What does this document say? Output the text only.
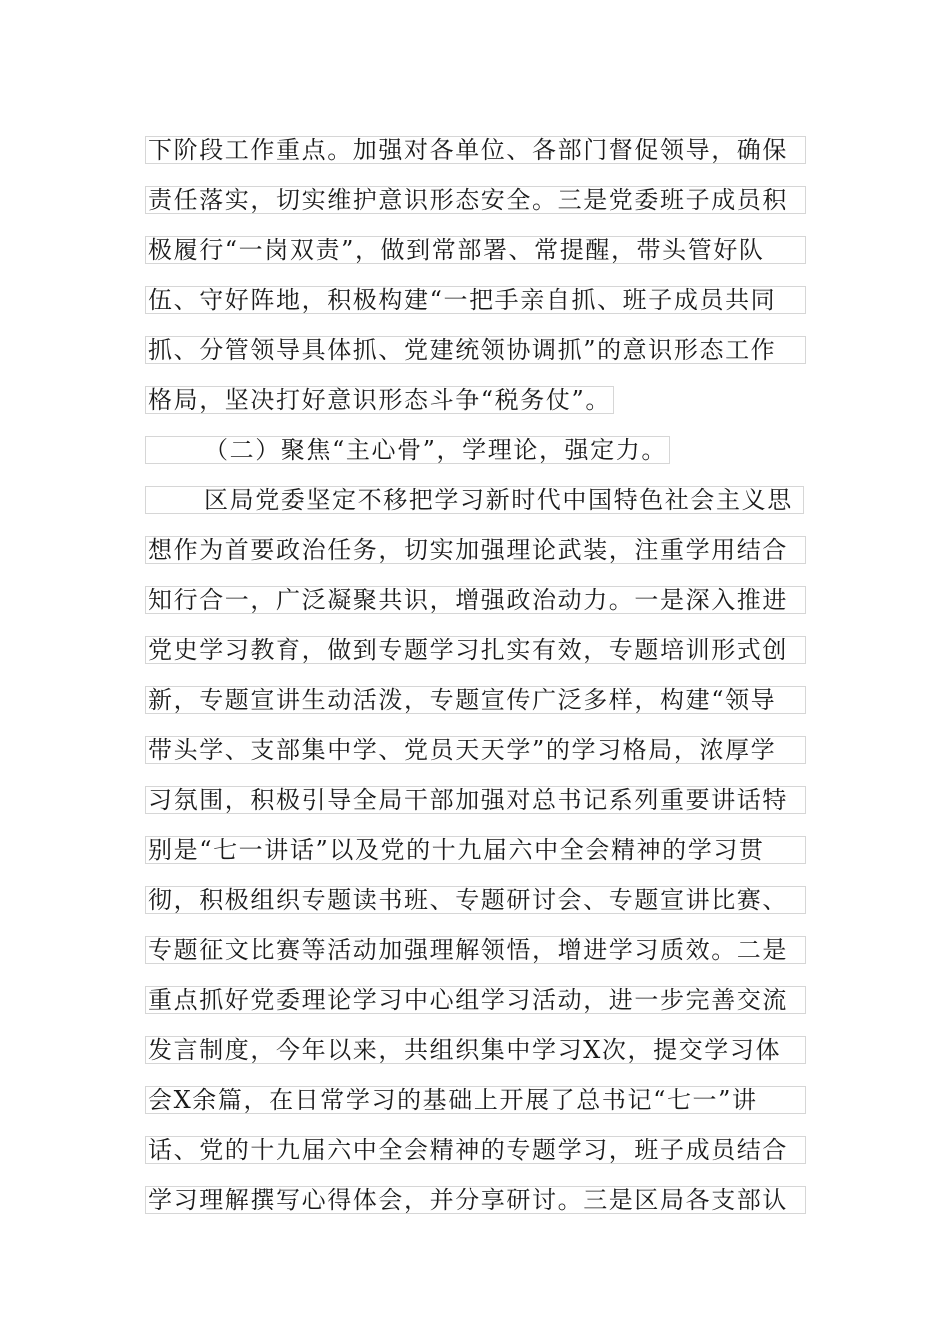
下阶段工作重点。加强对各单位、各部门督促领导，确保
责任落实，切实维护意识形态安全。三是党委班子成员积
极履行“一岗双责”，做到常部署、常提醒，带头管好队
伍、守好阵地，积极构建“一把手亲自抓、班子成员共同
抓、分管领导具体抓、党建统领协调抓”的意识形态工作
格局，坚决打好意识形态斗争“税务仗”。
（二）聚焦“主心骨”，学理论，强定力。
区局党委坚定不移把学习新时代中国特色社会主义思
想作为首要政治任务，切实加强理论武装，注重学用结合
知行合一，广泛凝聚共识，增强政治动力。一是深入推进
党史学习教育，做到专题学习扎实有效，专题培训形式创
新，专题宣讲生动活泼，专题宣传广泛多样，构建“领导
带头学、支部集中学、党员天天学”的学习格局，浓厚学
习氛围，积极引导全局干部加强对总书记系列重要讲话特
别是“七一讲话”以及党的十九届六中全会精神的学习贯
彻，积极组织专题读书班、专题研讨会、专题宣讲比赛、
专题征文比赛等活动加强理解领悟，增进学习质效。二是
重点抓好党委理论学习中心组学习活动，进一步完善交流
发言制度，今年以来，共组织集中学习X次，提交学习体
会X余篇，在日常学习的基础上开展了总书记“七一”讲
话、党的十九届六中全会精神的专题学习，班子成员结合
学习理解撰写心得体会，并分享研讨。三是区局各支部认
